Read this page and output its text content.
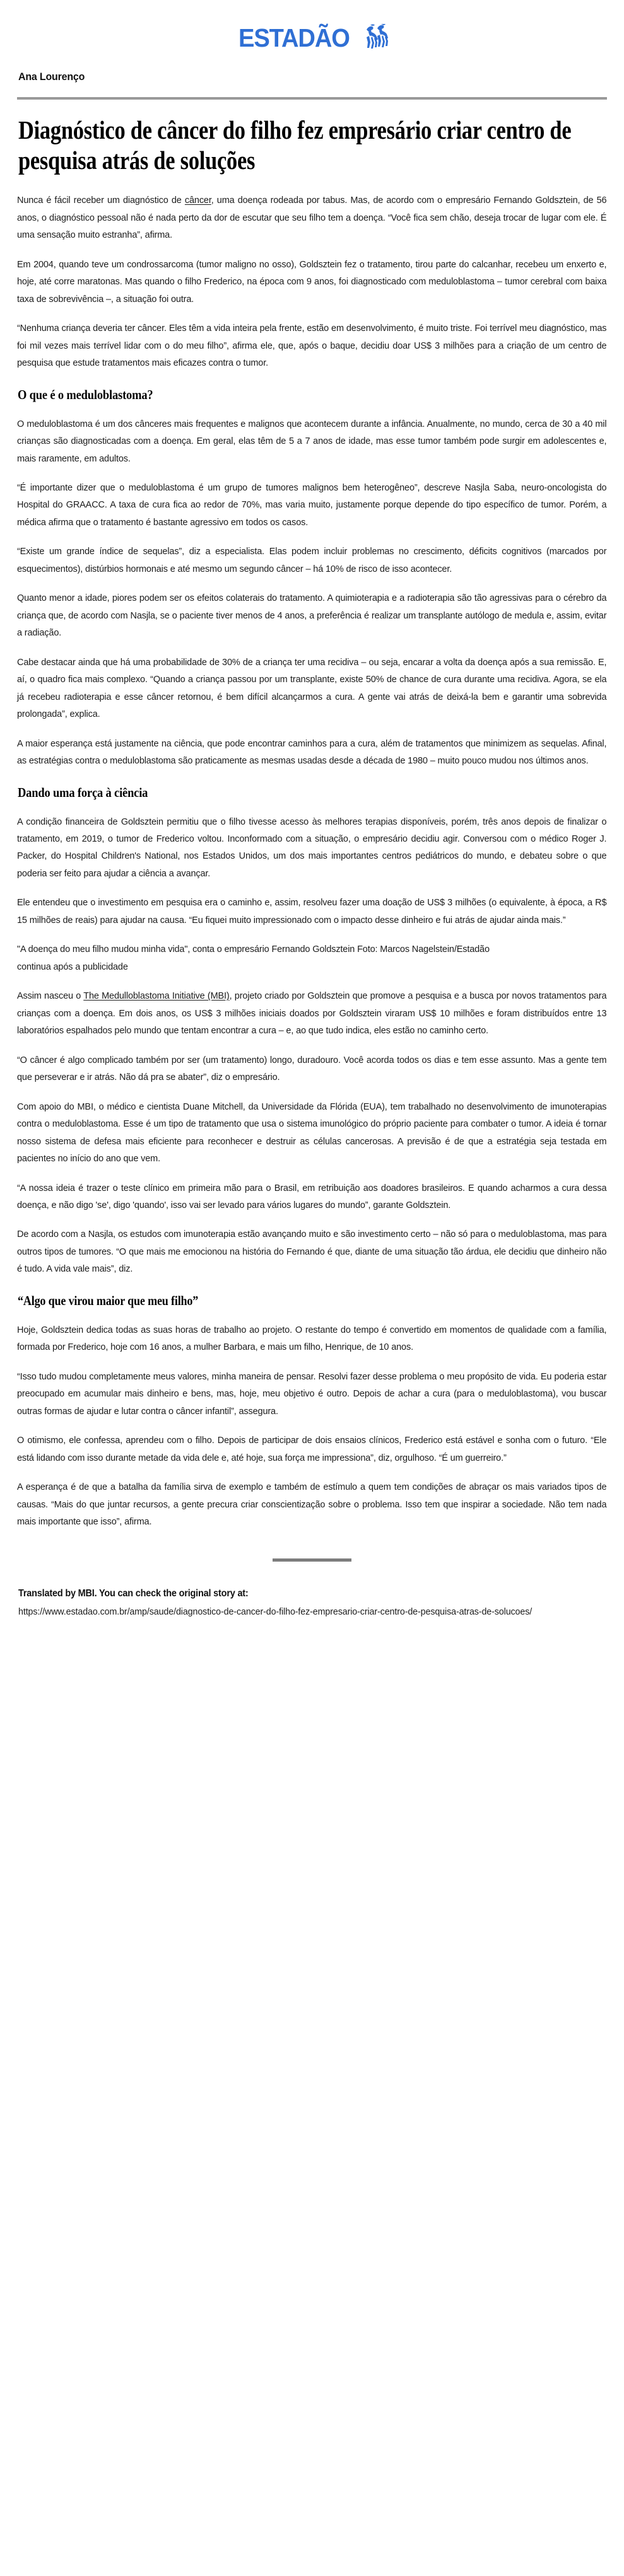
ESTADÃO
Ana Lourenço
Diagnóstico de câncer do filho fez empresário criar centro de pesquisa atrás de soluções

Nunca é fácil receber um diagnóstico de câncer, uma doença rodeada por tabus. Mas, de acordo com o empresário Fernando Goldsztein, de 56 anos, o diagnóstico pessoal não é nada perto da dor de escutar que seu filho tem a doença. “Você fica sem chão, deseja trocar de lugar com ele. É uma sensação muito estranha”, afirma.

Em 2004, quando teve um condrossarcoma (tumor maligno no osso), Goldsztein fez o tratamento, tirou parte do calcanhar, recebeu um enxerto e, hoje, até corre maratonas. Mas quando o filho Frederico, na época com 9 anos, foi diagnosticado com meduloblastoma – tumor cerebral com baixa taxa de sobrevivência –, a situação foi outra.

“Nenhuma criança deveria ter câncer. Eles têm a vida inteira pela frente, estão em desenvolvimento, é muito triste. Foi terrível meu diagnóstico, mas foi mil vezes mais terrível lidar com o do meu filho”, afirma ele, que, após o baque, decidiu doar US$ 3 milhões para a criação de um centro de pesquisa que estude tratamentos mais eficazes contra o tumor.

O que é o meduloblastoma?

O meduloblastoma é um dos cânceres mais frequentes e malignos que acontecem durante a infância. Anualmente, no mundo, cerca de 30 a 40 mil crianças são diagnosticadas com a doença. Em geral, elas têm de 5 a 7 anos de idade, mas esse tumor também pode surgir em adolescentes e, mais raramente, em adultos.

“É importante dizer que o meduloblastoma é um grupo de tumores malignos bem heterogêneo”, descreve Nasjla Saba, neuro-oncologista do Hospital do GRAACC. A taxa de cura fica ao redor de 70%, mas varia muito, justamente porque depende do tipo específico de tumor. Porém, a médica afirma que o tratamento é bastante agressivo em todos os casos.

“Existe um grande índice de sequelas”, diz a especialista. Elas podem incluir problemas no crescimento, déficits cognitivos (marcados por esquecimentos), distúrbios hormonais e até mesmo um segundo câncer – há 10% de risco de isso acontecer.

Quanto menor a idade, piores podem ser os efeitos colaterais do tratamento. A quimioterapia e a radioterapia são tão agressivas para o cérebro da criança que, de acordo com Nasjla, se o paciente tiver menos de 4 anos, a preferência é realizar um transplante autólogo de medula e, assim, evitar a radiação.

Cabe destacar ainda que há uma probabilidade de 30% de a criança ter uma recidiva – ou seja, encarar a volta da doença após a sua remissão. E, aí, o quadro fica mais complexo. “Quando a criança passou por um transplante, existe 50% de chance de cura durante uma recidiva. Agora, se ela já recebeu radioterapia e esse câncer retornou, é bem difícil alcançarmos a cura. A gente vai atrás de deixá-la bem e garantir uma sobrevida prolongada”, explica.

A maior esperança está justamente na ciência, que pode encontrar caminhos para a cura, além de tratamentos que minimizem as sequelas. Afinal, as estratégias contra o meduloblastoma são praticamente as mesmas usadas desde a década de 1980 – muito pouco mudou nos últimos anos.

Dando uma força à ciência

A condição financeira de Goldsztein permitiu que o filho tivesse acesso às melhores terapias disponíveis, porém, três anos depois de finalizar o tratamento, em 2019, o tumor de Frederico voltou. Inconformado com a situação, o empresário decidiu agir. Conversou com o médico Roger J. Packer, do Hospital Children's National, nos Estados Unidos, um dos mais importantes centros pediátricos do mundo, e debateu sobre o que poderia ser feito para ajudar a ciência a avançar.

Ele entendeu que o investimento em pesquisa era o caminho e, assim, resolveu fazer uma doação de US$ 3 milhões (o equivalente, à época, a R$ 15 milhões de reais) para ajudar na causa. “Eu fiquei muito impressionado com o impacto desse dinheiro e fui atrás de ajudar ainda mais.”

"A doença do meu filho mudou minha vida", conta o empresário Fernando Goldsztein Foto: Marcos Nagelstein/Estadão

continua após a publicidade

Assim nasceu o The Medulloblastoma Initiative (MBI), projeto criado por Goldsztein que promove a pesquisa e a busca por novos tratamentos para crianças com a doença. Em dois anos, os US$ 3 milhões iniciais doados por Goldsztein viraram US$ 10 milhões e foram distribuídos entre 13 laboratórios espalhados pelo mundo que tentam encontrar a cura – e, ao que tudo indica, eles estão no caminho certo.

“O câncer é algo complicado também por ser (um tratamento) longo, duradouro. Você acorda todos os dias e tem esse assunto. Mas a gente tem que perseverar e ir atrás. Não dá pra se abater”, diz o empresário.

Com apoio do MBI, o médico e cientista Duane Mitchell, da Universidade da Flórida (EUA), tem trabalhado no desenvolvimento de imunoterapias contra o meduloblastoma. Esse é um tipo de tratamento que usa o sistema imunológico do próprio paciente para combater o tumor. A ideia é tornar nosso sistema de defesa mais eficiente para reconhecer e destruir as células cancerosas. A previsão é de que a estratégia seja testada em pacientes no início do ano que vem.

“A nossa ideia é trazer o teste clínico em primeira mão para o Brasil, em retribuição aos doadores brasileiros. E quando acharmos a cura dessa doença, e não digo 'se', digo 'quando', isso vai ser levado para vários lugares do mundo”, garante Goldsztein.

De acordo com a Nasjla, os estudos com imunoterapia estão avançando muito e são investimento certo – não só para o meduloblastoma, mas para outros tipos de tumores. “O que mais me emocionou na história do Fernando é que, diante de uma situação tão árdua, ele decidiu que dinheiro não é tudo. A vida vale mais”, diz.

“Algo que virou maior que meu filho”

Hoje, Goldsztein dedica todas as suas horas de trabalho ao projeto. O restante do tempo é convertido em momentos de qualidade com a família, formada por Frederico, hoje com 16 anos, a mulher Barbara, e mais um filho, Henrique, de 10 anos.

“Isso tudo mudou completamente meus valores, minha maneira de pensar. Resolvi fazer desse problema o meu propósito de vida. Eu poderia estar preocupado em acumular mais dinheiro e bens, mas, hoje, meu objetivo é outro. Depois de achar a cura (para o meduloblastoma), vou buscar outras formas de ajudar e lutar contra o câncer infantil”, assegura.

O otimismo, ele confessa, aprendeu com o filho. Depois de participar de dois ensaios clínicos, Frederico está estável e sonha com o futuro. “Ele está lidando com isso durante metade da vida dele e, até hoje, sua força me impressiona”, diz, orgulhoso. “É um guerreiro.”

A esperança é de que a batalha da família sirva de exemplo e também de estímulo a quem tem condições de abraçar os mais variados tipos de causas. “Mais do que juntar recursos, a gente precura criar conscientização sobre o problema. Isso tem que inspirar a sociedade. Não tem nada mais importante que isso”, afirma.

Translated by MBI. You can check the original story at:
https://www.estadao.com.br/amp/saude/diagnostico-de-cancer-do-filho-fez-empresario-criar-centro-de-pesquisa-atras-de-solucoes/
